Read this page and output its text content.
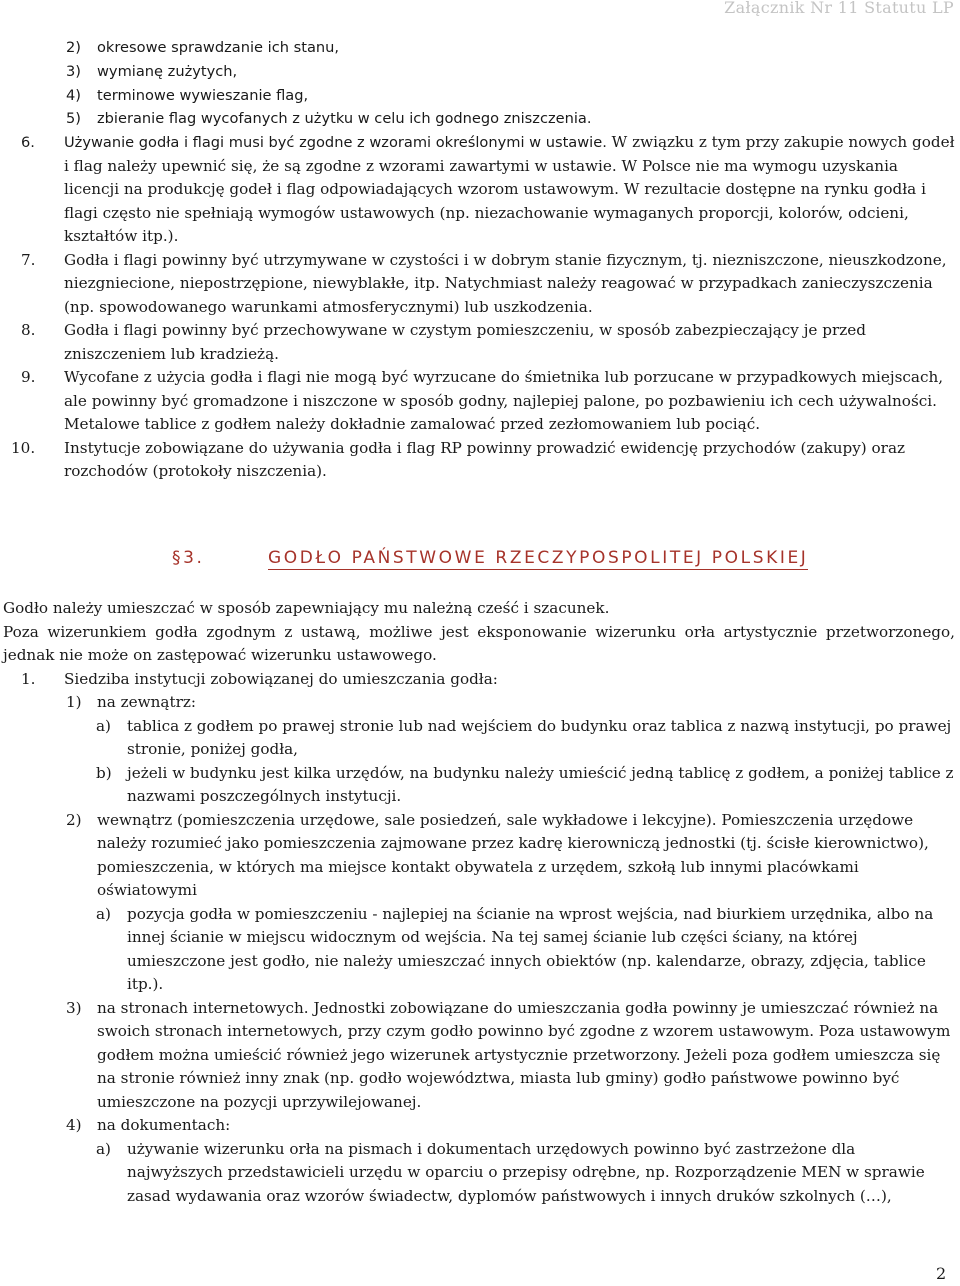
Załącznik Nr 11 Statutu LP
2) okresowe sprawdzanie ich stanu,
3) wymianę zużytych,
4) terminowe wywieszanie flag,
5) zbieranie flag wycofanych z użytku w celu ich godnego zniszczenia.
6. Używanie godła i flagi musi być zgodne z wzorami określonymi w ustawie. W związku z tym przy zakupie nowych godeł i flag należy upewnić się, że są zgodne z wzorami zawartymi w ustawie. W Polsce nie ma wymogu uzyskania licencji na produkcję godeł i flag odpowiadających wzorom ustawowym. W rezultacie dostępne na rynku godła i flagi często nie spełniają wymogów ustawowych (np. niezachowanie wymaganych proporcji, kolorów, odcieni, kształtów itp.).
7. Godła i flagi powinny być utrzymywane w czystości i w dobrym stanie fizycznym, tj. niezniszczone, nieuszkodzone, niezgniecione, niepostrzępione, niewyblakłe, itp. Natychmiast należy reagować w przypadkach zanieczyszczenia (np. spowodowanego warunkami atmosferycznymi) lub uszkodzenia.
8. Godła i flagi powinny być przechowywane w czystym pomieszczeniu, w sposób zabezpieczający je przed zniszczeniem lub kradzieżą.
9. Wycofane z użycia godła i flagi nie mogą być wyrzucane do śmietnika lub porzucane w przypadkowych miejscach, ale powinny być gromadzone i niszczone w sposób godny, najlepiej palone, po pozbawieniu ich cech używalności. Metalowe tablice z godłem należy dokładnie zamalować przed zezłomowaniem lub pociąć.
10. Instytucje zobowiązane do używania godła i flag RP powinny prowadzić ewidencję przychodów (zakupy) oraz rozchodów (protokoły niszczenia).
§3.	GODŁO PAŃSTWOWE RZECZYPOSPOLITEJ POLSKIEJ
Godło należy umieszczać w sposób zapewniający mu należną cześć i szacunek.
Poza wizerunkiem godła zgodnym z ustawą, możliwe jest eksponowanie wizerunku orła artystycznie przetworzonego, jednak nie może on zastępować wizerunku ustawowego.
1. Siedziba instytucji zobowiązanej do umieszczania godła:
1) na zewnątrz:
a) tablica z godłem po prawej stronie lub nad wejściem do budynku oraz tablica z nazwą instytucji, po prawej stronie, poniżej godła,
b) jeżeli w budynku jest kilka urzędów, na budynku należy umieścić jedną tablicę z godłem, a poniżej tablice z nazwami poszczególnych instytucji.
2) wewnątrz (pomieszczenia urzędowe, sale posiedzeń, sale wykładowe i lekcyjne). Pomieszczenia urzędowe należy rozumieć jako pomieszczenia zajmowane przez kadrę kierowniczą jednostki (tj. ścisłe kierownictwo), pomieszczenia, w których ma miejsce kontakt obywatela z urzędem, szkołą lub innymi placówkami oświatowymi
a) pozycja godła w pomieszczeniu - najlepiej na ścianie na wprost wejścia, nad biurkiem urzędnika, albo na innej ścianie w miejscu widocznym od wejścia. Na tej samej ścianie lub części ściany, na której umieszczone jest godło, nie należy umieszczać innych obiektów (np. kalendarze, obrazy, zdjęcia, tablice itp.).
3) na stronach internetowych. Jednostki zobowiązane do umieszczania godła powinny je umieszczać również na swoich stronach internetowych, przy czym godło powinno być zgodne z wzorem ustawowym. Poza ustawowym godłem można umieścić również jego wizerunek artystycznie przetworzony. Jeżeli poza godłem umieszcza się na stronie również inny znak (np. godło województwa, miasta lub gminy) godło państwowe powinno być umieszczone na pozycji uprzywilejowanej.
4) na dokumentach:
a) używanie wizerunku orła na pismach i dokumentach urzędowych powinno być zastrzeżone dla najwyższych przedstawicieli urzędu w oparciu o przepisy odrębne, np. Rozporządzenie MEN w sprawie zasad wydawania oraz wzorów świadectw, dyplomów państwowych i innych druków szkolnych (…),
2
